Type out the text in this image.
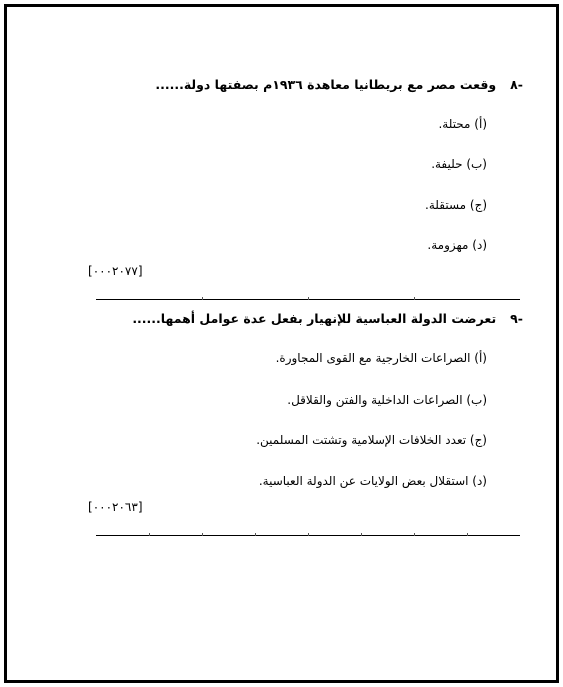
-٨وقعت مصر مع بريطانيا معاهدة ١٩٣٦م بصفتها دولة......
(أ) محتلة.
(ب) حليفة.
(ج) مستقلة.
(د) مهزومة.
[٠٠٠٢٠٧٧]
-٩تعرضت الدولة العباسية للإنهيار بفعل عدة عوامل أهمها......
(أ) الصراعات الخارجية مع القوى المجاورة.
(ب) الصراعات الداخلية والفتن والقلاقل.
(ج) تعدد الخلافات الإسلامية وتشتت المسلمين.
(د) استقلال بعض الولايات عن الدولة العباسية.
[٠٠٠٢٠٦٣]
